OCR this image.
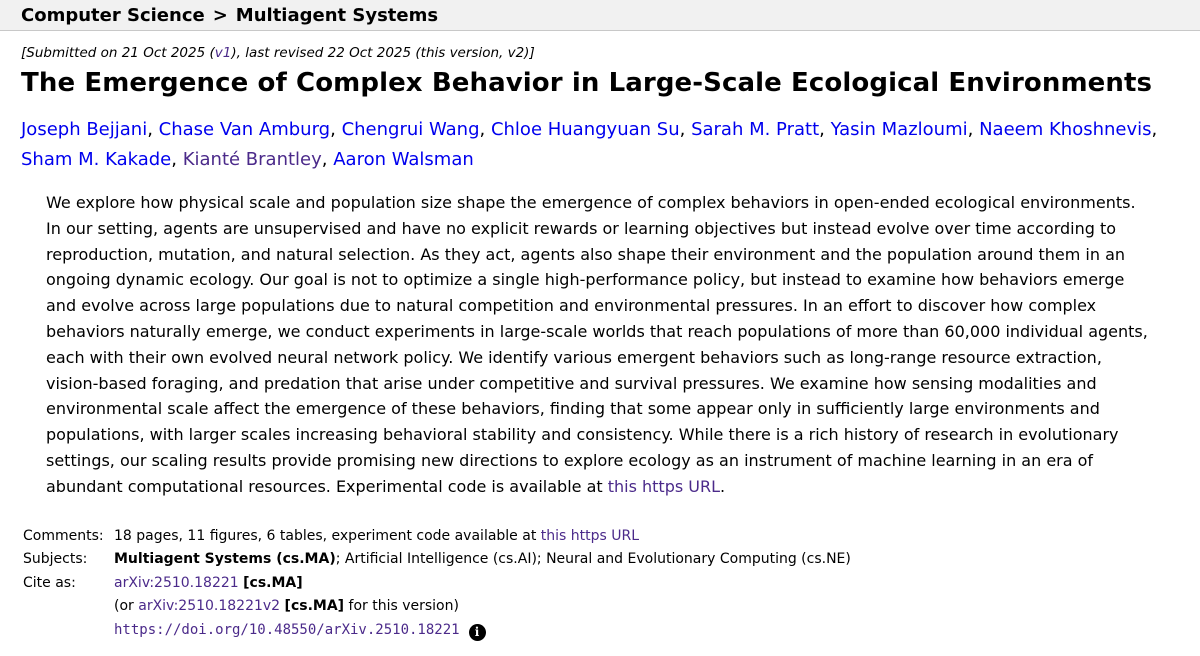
Computer Science > Multiagent Systems
[Submitted on 21 Oct 2025 (v1), last revised 22 Oct 2025 (this version, v2)]
The Emergence of Complex Behavior in Large-Scale Ecological Environments
Joseph Bejjani, Chase Van Amburg, Chengrui Wang, Chloe Huangyuan Su, Sarah M. Pratt, Yasin Mazloumi, Naeem Khoshnevis, Sham M. Kakade, Kianté Brantley, Aaron Walsman
We explore how physical scale and population size shape the emergence of complex behaviors in open-ended ecological environments. In our setting, agents are unsupervised and have no explicit rewards or learning objectives but instead evolve over time according to reproduction, mutation, and natural selection. As they act, agents also shape their environment and the population around them in an ongoing dynamic ecology. Our goal is not to optimize a single high-performance policy, but instead to examine how behaviors emerge and evolve across large populations due to natural competition and environmental pressures. In an effort to discover how complex behaviors naturally emerge, we conduct experiments in large-scale worlds that reach populations of more than 60,000 individual agents, each with their own evolved neural network policy. We identify various emergent behaviors such as long-range resource extraction, vision-based foraging, and predation that arise under competitive and survival pressures. We examine how sensing modalities and environmental scale affect the emergence of these behaviors, finding that some appear only in sufficiently large environments and populations, with larger scales increasing behavioral stability and consistency. While there is a rich history of research in evolutionary settings, our scaling results provide promising new directions to explore ecology as an instrument of machine learning in an era of abundant computational resources. Experimental code is available at this https URL.
Comments: 18 pages, 11 figures, 6 tables, experiment code available at this https URL
Subjects:	Multiagent Systems (cs.MA); Artificial Intelligence (cs.AI); Neural and Evolutionary Computing (cs.NE)
Cite as:	arXiv:2510.18221 [cs.MA]
(or arXiv:2510.18221v2 [cs.MA] for this version)
https://doi.org/10.48550/arXiv.2510.18221 i
